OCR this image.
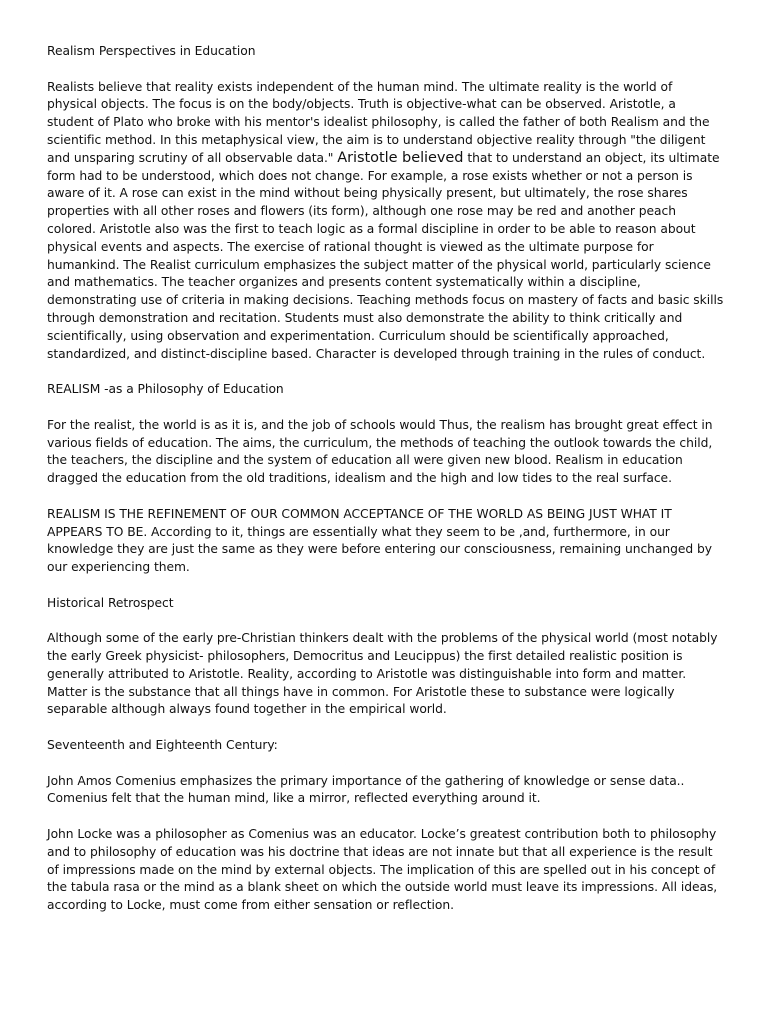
Realism Perspectives in Education

Realists believe that reality exists independent of the human mind. The ultimate reality is the world of physical objects. The focus is on the body/objects. Truth is objective-what can be observed. Aristotle, a student of Plato who broke with his mentor's idealist philosophy, is called the father of both Realism and the scientific method. In this metaphysical view, the aim is to understand objective reality through "the diligent and unsparing scrutiny of all observable data." Aristotle believed that to understand an object, its ultimate form had to be understood, which does not change. For example, a rose exists whether or not a person is aware of it. A rose can exist in the mind without being physically present, but ultimately, the rose shares properties with all other roses and flowers (its form), although one rose may be red and another peach colored. Aristotle also was the first to teach logic as a formal discipline in order to be able to reason about physical events and aspects. The exercise of rational thought is viewed as the ultimate purpose for humankind. The Realist curriculum emphasizes the subject matter of the physical world, particularly science and mathematics. The teacher organizes and presents content systematically within a discipline, demonstrating use of criteria in making decisions. Teaching methods focus on mastery of facts and basic skills through demonstration and recitation. Students must also demonstrate the ability to think critically and scientifically, using observation and experimentation. Curriculum should be scientifically approached, standardized, and distinct-discipline based. Character is developed through training in the rules of conduct.

REALISM -as a Philosophy of Education

For the realist, the world is as it is, and the job of schools would Thus, the realism has brought great effect in various fields of education. The aims, the curriculum, the methods of teaching the outlook towards the child, the teachers, the discipline and the system of education all were given new blood. Realism in education dragged the education from the old traditions, idealism and the high and low tides to the real surface.

REALISM IS THE REFINEMENT OF OUR COMMON ACCEPTANCE OF THE WORLD AS BEING JUST WHAT IT APPEARS TO BE. According to it, things are essentially what they seem to be ,and, furthermore, in our knowledge they are just the same as they were before entering our consciousness, remaining unchanged by our experiencing them.

Historical Retrospect

Although some of the early pre-Christian thinkers dealt with the problems of the physical world (most notably the early Greek physicist- philosophers, Democritus and Leucippus) the first detailed realistic position is generally attributed to Aristotle. Reality, according to Aristotle was distinguishable into form and matter. Matter is the substance that all things have in common. For Aristotle these to substance were logically separable although always found together in the empirical world.

Seventeenth and Eighteenth Century:

John Amos Comenius emphasizes the primary importance of the gathering of knowledge or sense data.. Comenius felt that the human mind, like a mirror, reflected everything around it.

John Locke was a philosopher as Comenius was an educator. Locke’s greatest contribution both to philosophy and to philosophy of education was his doctrine that ideas are not innate but that all experience is the result of impressions made on the mind by external objects. The implication of this are spelled out in his concept of the tabula rasa or the mind as a blank sheet on which the outside world must leave its impressions. All ideas, according to Locke, must come from either sensation or reflection.
